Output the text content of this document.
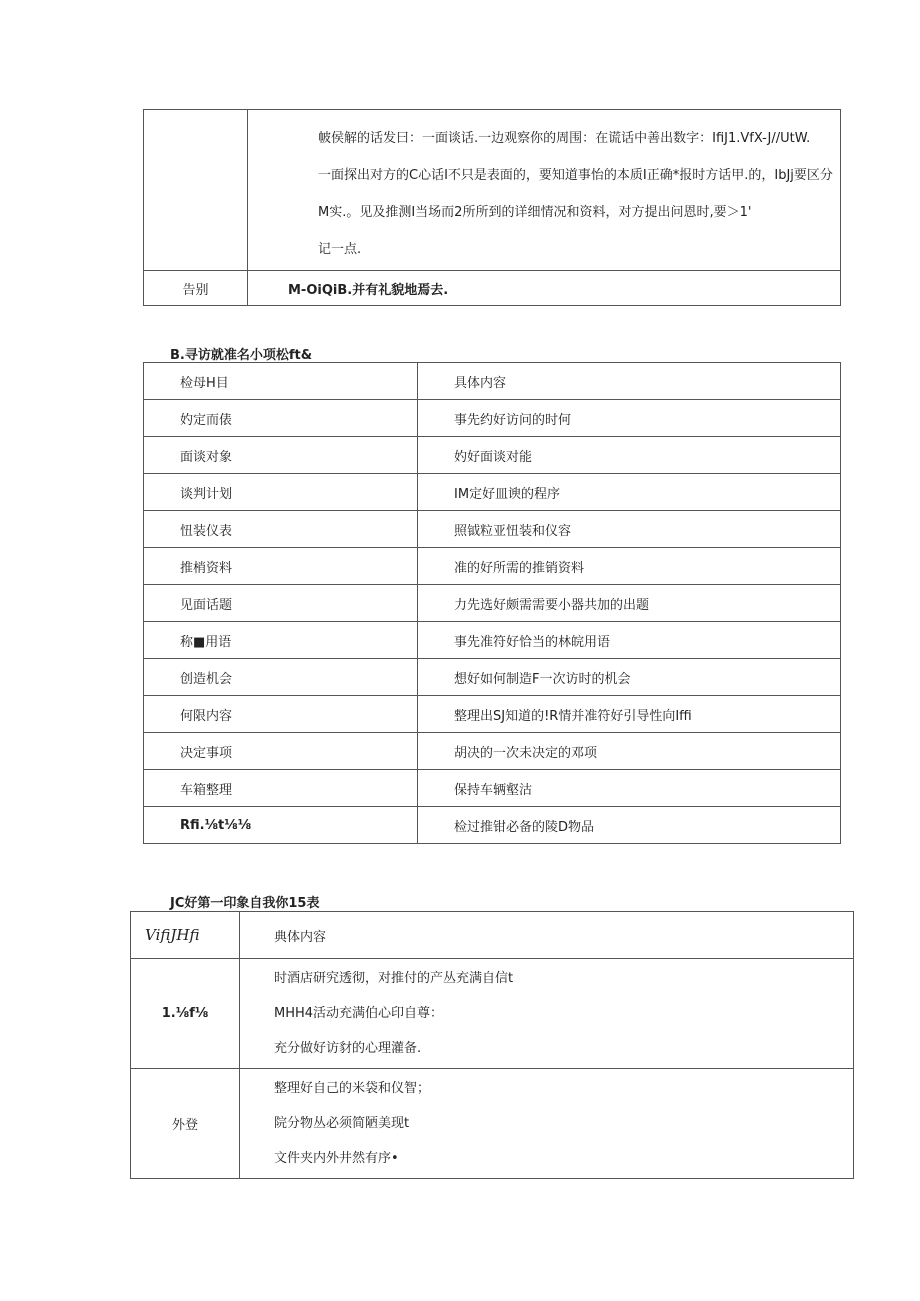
	帔侯解的话发曰：一面谈话.一边观察你的周围：在谎话中善出数字：IfiJ1.VfX-J//UtW.

一面探出对方的C心话I不只是表面的，要知道事怡的本质I正确*报时方话甲.的，IbJj要区分

M实.。见及推测I当场而2所所到的详细情况和资料，对方提出问恩时,要＞1'

记一点.

告别	M-OiQiB.并有礼貌地焉去.
B.寻访就准名小项松ft&
检母H目	具体内容
妁定而俵	事先约好访问的时何
面谈对象	妁好面谈对能
谈判计划	IM定好皿谀的程序
忸装仪表	照钺粒亚忸装和仪容
推梢资料	准的好所需的推销资料
见面话题	力先选好颇需需要小器共加的出题
称■用语	事先准符好恰当的林皖用语
创造机会	想好如何制造F一次访时的机会
何限内容	整理出SJ知道的!R情并准符好引导性向Iffi
决定事项	胡决的一次未决定的邓项
车箱整理	保持车辆壑沽
Rfi.⅛t⅛⅛	检过推钳必备的陵D物品
JC好第一印象自我你15表
VifiJHfi	典体内容
1.⅛f⅛	时酒店研究透彻，对推付的产丛充满自信t

MHH4活动充满伯心印自尊：

充分做好访豺的心理灌备.

外登	整理好自己的米袋和仪智；

院分物丛必须简陋美现t

文件夹内外井然有序•
